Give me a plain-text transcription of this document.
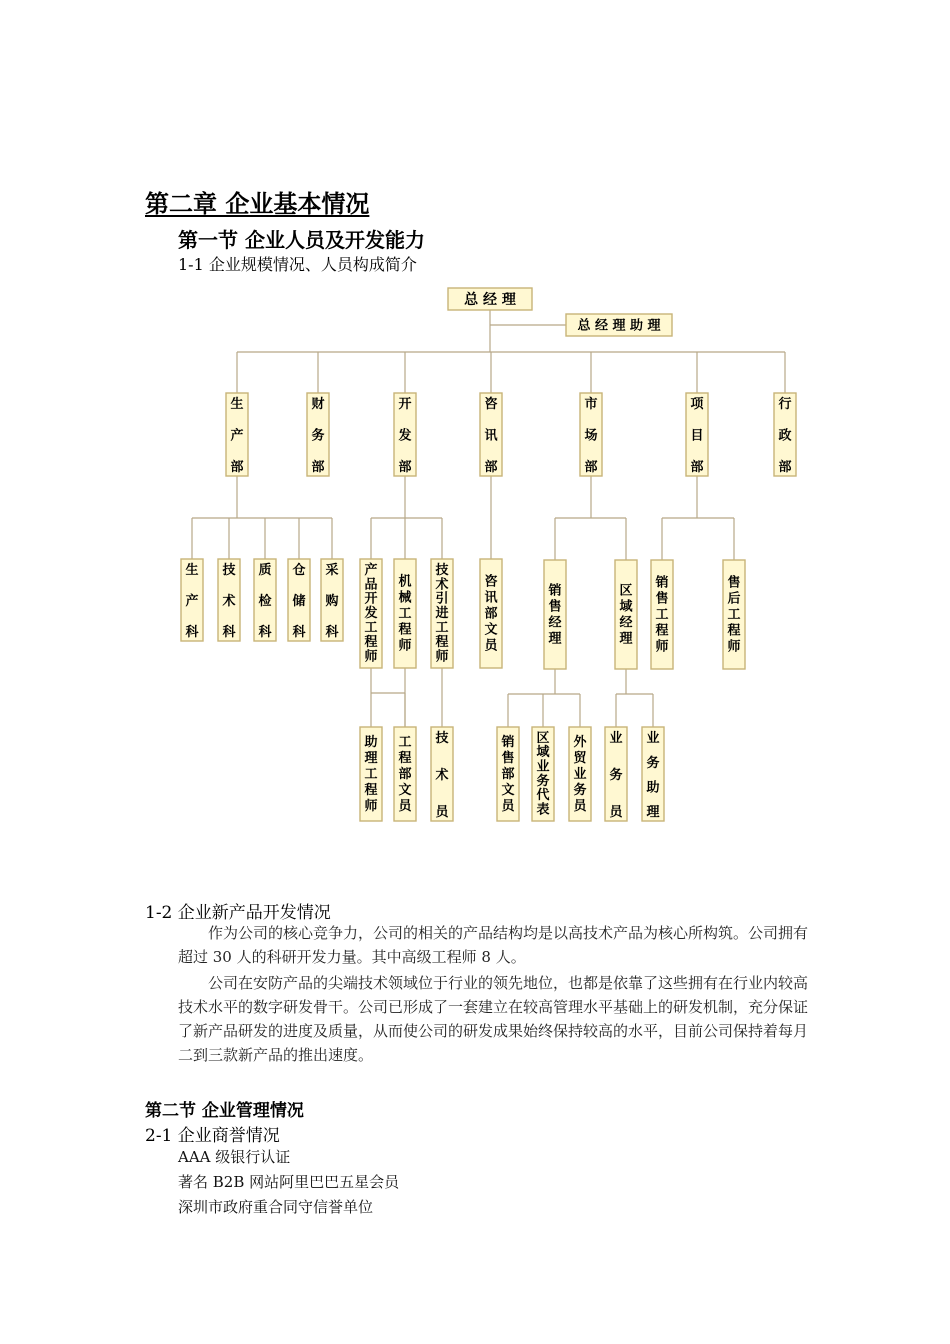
第二章 企业基本情况
第一节 企业人员及开发能力
1-1 企业规模情况、人员构成简介
总 经 理
总 经 理 助 理
生产部
财务部
开发部
咨讯部
市场部
项目部
行政部
生产科
技术科
质检科
仓储科
采购科
产品开发工程师
机械工程师
技术引进工程师
助理工程师
工程部文员
技术员
咨讯部文员
销售经理
区域经理
销售部文员
区域业务代表
外贸业务员
业务员
业务助理
销售工程师
售后工程师
1-2 企业新产品开发情况
作为公司的核心竞争力，公司的相关的产品结构均是以高技术产品为核心所构筑。公司拥有超过 30 人的科研开发力量。其中高级工程师 8 人。
公司在安防产品的尖端技术领域位于行业的领先地位，也都是依靠了这些拥有在行业内较高技术水平的数字研发骨干。公司已形成了一套建立在较高管理水平基础上的研发机制，充分保证了新产品研发的进度及质量，从而使公司的研发成果始终保持较高的水平，目前公司保持着每月二到三款新产品的推出速度。
第二节 企业管理情况
2-1 企业商誉情况
AAA 级银行认证
著名 B2B 网站阿里巴巴五星会员
深圳市政府重合同守信誉单位
